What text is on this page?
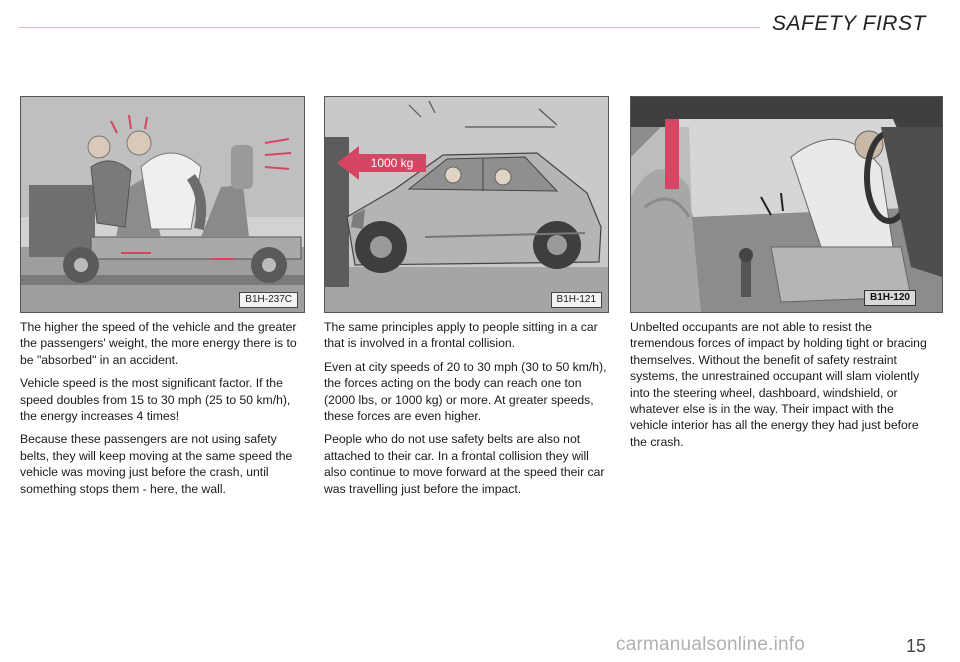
SAFETY FIRST
B1H-237C	B1H-121
1000 kg
B1H-120

The higher the speed of the vehicle and the greater the passengers' weight, the more energy there is to be "absorbed" in an accident.

Vehicle speed is the most significant factor. If the speed doubles from 15 to 30 mph (25 to 50 km/h), the energy increases 4 times!

Because these passengers are not using safety belts, they will keep moving at the same speed the vehicle was moving just before the crash, until something stops them - here, the wall.

The same principles apply to people sitting in a car that is involved in a frontal collision.

Even at city speeds of 20 to 30 mph (30 to 50 km/h), the forces acting on the body can reach one ton (2000 lbs, or 1000 kg) or more. At greater speeds, these forces are even higher.

People who do not use safety belts are also not attached to their car. In a frontal collision they will also continue to move forward at the speed their car was travelling just before the impact.

Unbelted occupants are not able to resist the tremendous forces of impact by holding tight or bracing themselves. Without the benefit of safety restraint systems, the unrestrained occupant will slam violently into the steering wheel, dashboard, windshield, or whatever else is in the way. Their impact with the vehicle interior has all the energy they had just before the crash.

carmanualsonline.info	15
